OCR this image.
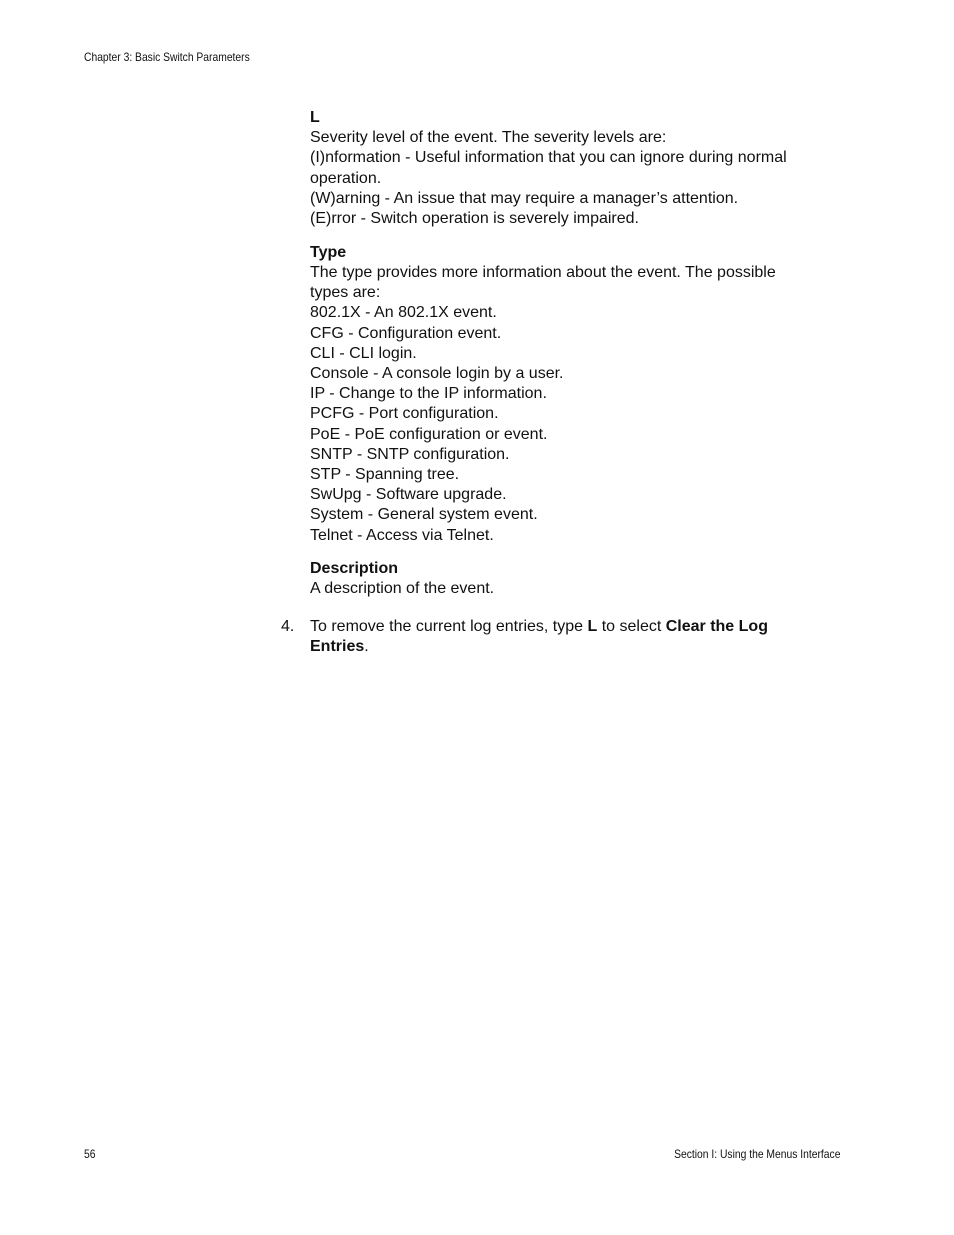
Chapter 3: Basic Switch Parameters
L
Severity level of the event. The severity levels are:
(I)nformation - Useful information that you can ignore during normal
operation.
(W)arning - An issue that may require a manager’s attention.
(E)rror - Switch operation is severely impaired.
Type
The type provides more information about the event. The possible
types are:
802.1X - An 802.1X event.
CFG - Configuration event.
CLI - CLI login.
Console - A console login by a user.
IP - Change to the IP information.
PCFG - Port configuration.
PoE - PoE configuration or event.
SNTP - SNTP configuration.
STP - Spanning tree.
SwUpg - Software upgrade.
System - General system event.
Telnet - Access via Telnet.
Description
A description of the event.
4. To remove the current log entries, type L to select Clear the Log
Entries.
56	Section I: Using the Menus Interface
